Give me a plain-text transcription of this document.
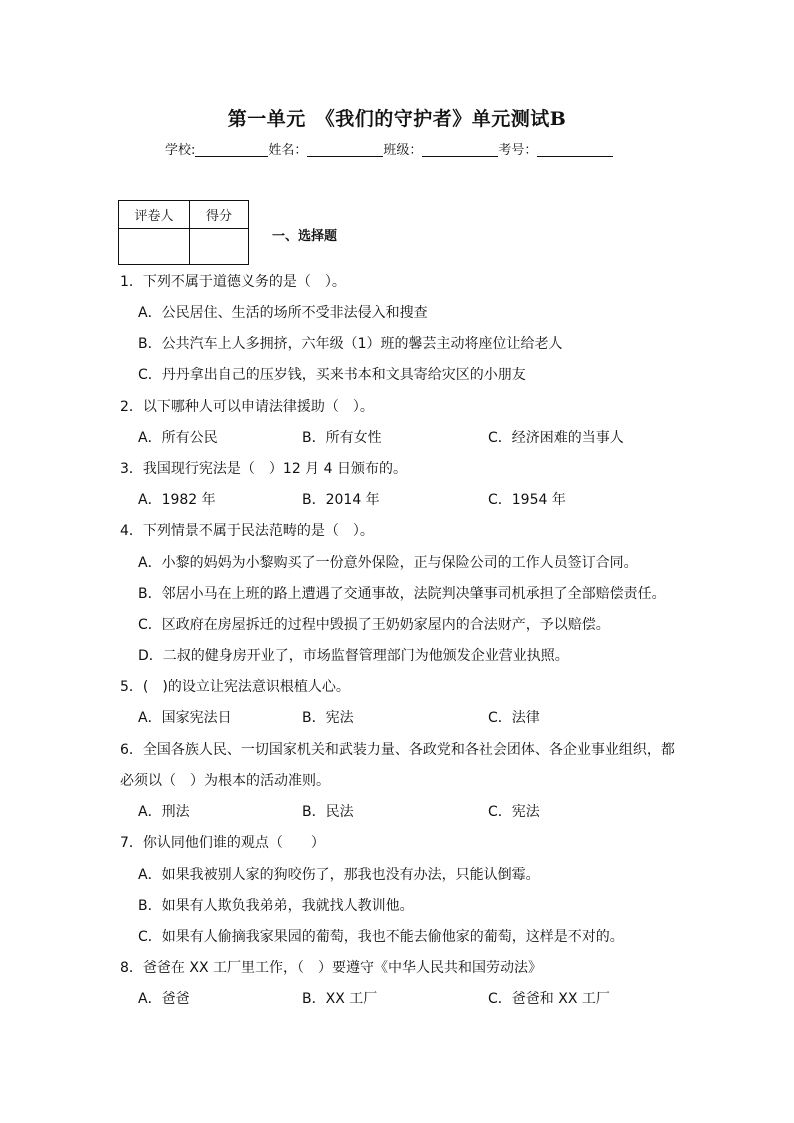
第一单元　《我们的守护者》单元测试B
学校:	姓名：	班级：	考号：
评卷人	得分

一、选择题
1．下列不属于道德义务的是（　）。
A．公民居住、生活的场所不受非法侵入和搜查
B．公共汽车上人多拥挤，六年级（1）班的馨芸主动将座位让给老人
C．丹丹拿出自己的压岁钱，买来书本和文具寄给灾区的小朋友
2．以下哪种人可以申请法律援助（　）。
A．所有公民	B．所有女性	C．经济困难的当事人
3．我国现行宪法是（　）12 月 4 日颁布的。
A．1982 年	B．2014 年	C．1954 年
4．下列情景不属于民法范畴的是（　）。
A．小黎的妈妈为小黎购买了一份意外保险，正与保险公司的工作人员签订合同。
B．邻居小马在上班的路上遭遇了交通事故，法院判决肇事司机承担了全部赔偿责任。
C．区政府在房屋拆迁的过程中毁损了王奶奶家屋内的合法财产，予以赔偿。
D．二叔的健身房开业了，市场监督管理部门为他颁发企业营业执照。
5．(　)的设立让宪法意识根植人心。
A．国家宪法日	B．宪法	C．法律
6．全国各族人民、一切国家机关和武装力量、各政党和各社会团体、各企业事业组织，都
必须以（　）为根本的活动准则。
A．刑法	B．民法	C．宪法
7．你认同他们谁的观点（　　）
A．如果我被别人家的狗咬伤了，那我也没有办法，只能认倒霉。
B．如果有人欺负我弟弟，我就找人教训他。
C．如果有人偷摘我家果园的葡萄，我也不能去偷他家的葡萄，这样是不对的。
8．爸爸在 XX 工厂里工作，（　）要遵守《中华人民共和国劳动法》
A．爸爸	B．XX 工厂	C．爸爸和 XX 工厂
